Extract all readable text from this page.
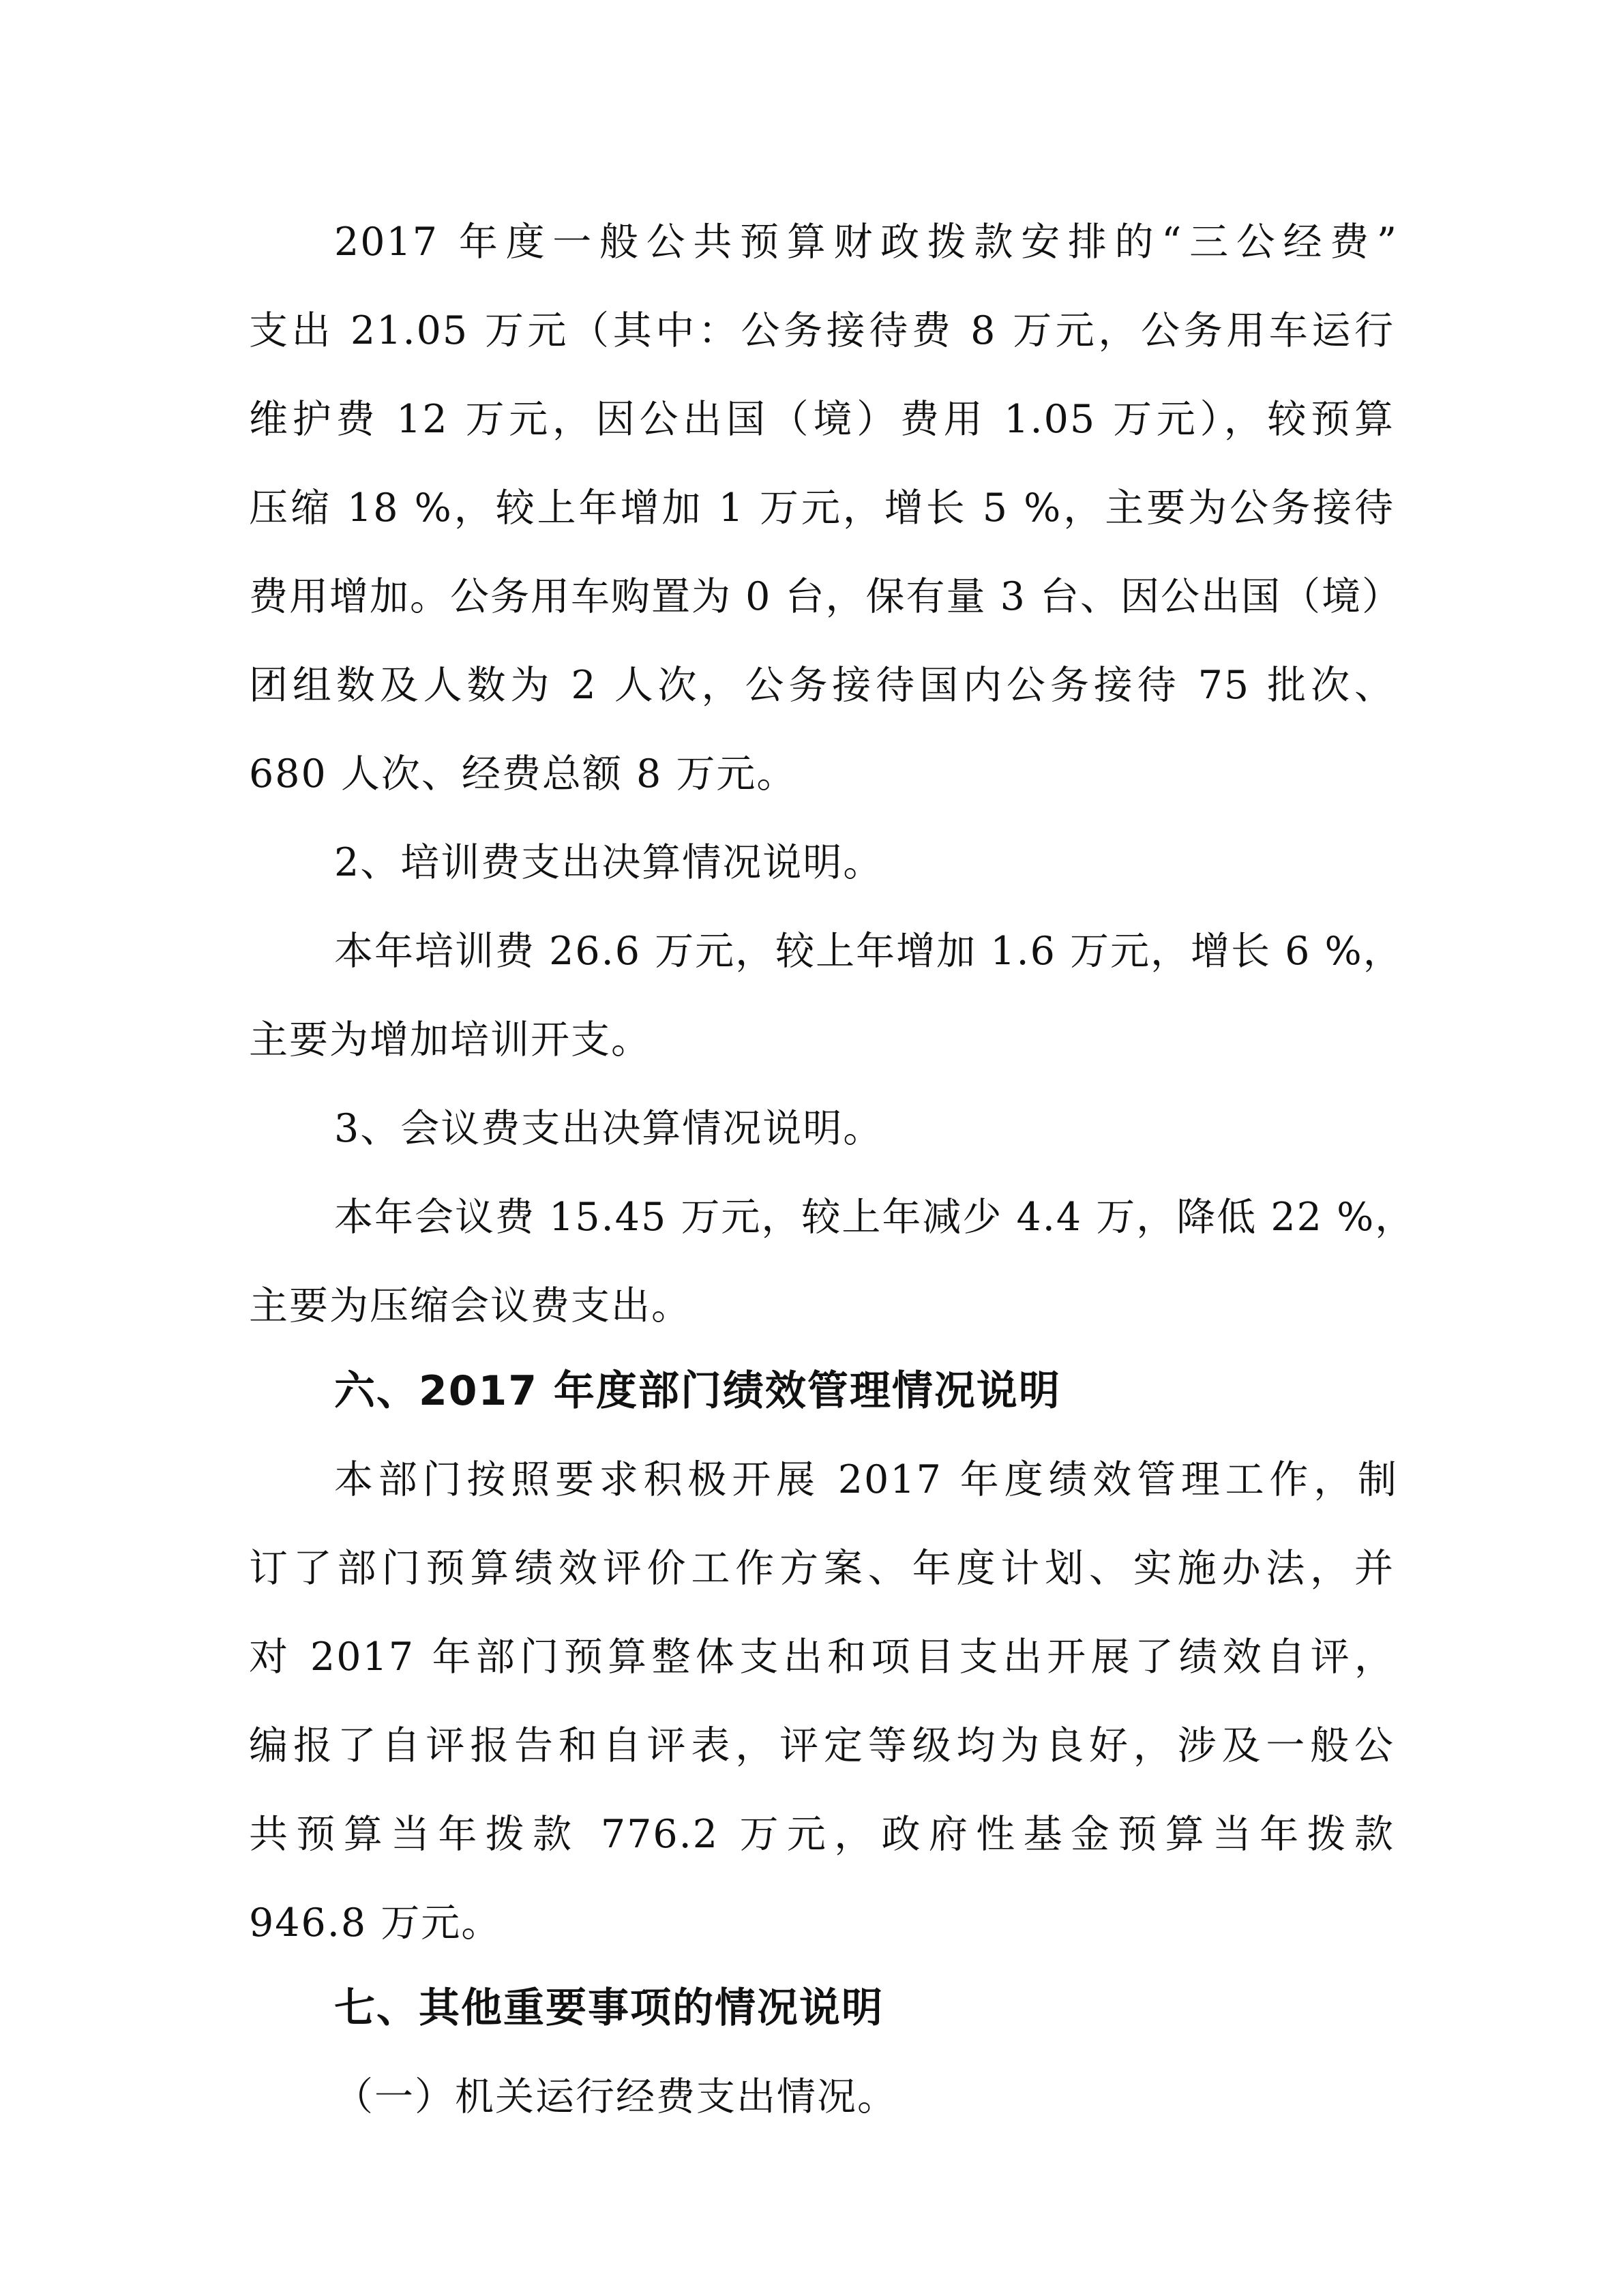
2017 年度一般公共预算财政拨款安排的“三公经费”
支出 21.05 万元（其中：公务接待费 8 万元，公务用车运行
维护费 12 万元，因公出国（境）费用 1.05 万元），较预算
压缩 18 %，较上年增加 1 万元，增长 5 %，主要为公务接待
费用增加。公务用车购置为 0 台，保有量 3 台、因公出国（境）
团组数及人数为 2 人次，公务接待国内公务接待 75 批次、
680 人次、经费总额 8 万元。
2、培训费支出决算情况说明。
本年培训费 26.6 万元，较上年增加 1.6 万元，增长 6 %，
主要为增加培训开支。
3、会议费支出决算情况说明。
本年会议费 15.45 万元，较上年减少 4.4 万，降低 22 %，
主要为压缩会议费支出。
六、2017 年度部门绩效管理情况说明
本部门按照要求积极开展 2017 年度绩效管理工作，制
订了部门预算绩效评价工作方案、年度计划、实施办法，并
对 2017 年部门预算整体支出和项目支出开展了绩效自评，
编报了自评报告和自评表，评定等级均为良好，涉及一般公
共预算当年拨款 776.2 万元，政府性基金预算当年拨款
946.8 万元。
七、其他重要事项的情况说明
（一）机关运行经费支出情况。
